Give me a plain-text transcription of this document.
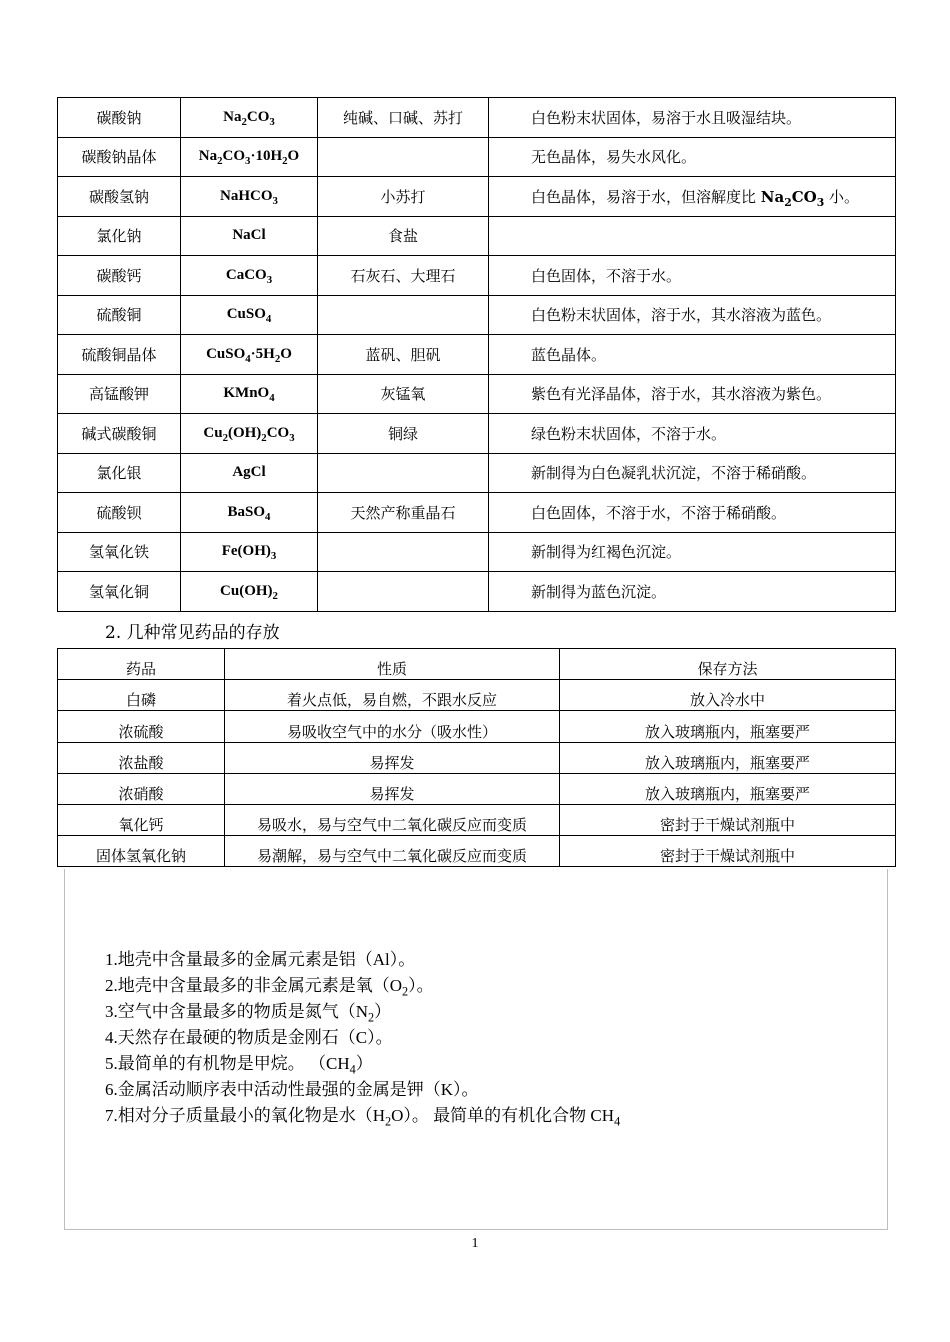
碳酸钠	$Na_2CO_3$	纯碱、口碱、苏打	白色粉末状固体，易溶于水且吸湿结块。
碳酸钠晶体	$Na_2CO_3\cdot 10H_2O$		无色晶体，易失水风化。
碳酸氢钠	NaHCO$_3$	小苏打	白色晶体，易溶于水，但溶解度比 $Na_2CO_3$ 小。
氯化钠	NaCl	食盐	
碳酸钙	CaCO$_3$	石灰石、大理石	白色固体，不溶于水。
硫酸铜	CuSO$_4$		白色粉末状固体，溶于水，其水溶液为蓝色。
硫酸铜晶体	$CuSO_4\cdot 5H_2O$	蓝矾、胆矾	蓝色晶体。
高锰酸钾	KMnO$_4$	灰锰氧	紫色有光泽晶体，溶于水，其水溶液为紫色。
碱式碳酸铜	$Cu_2(OH)_2CO_3$	铜绿	绿色粉末状固体，不溶于水。
氯化银	AgCl		新制得为白色凝乳状沉淀，不溶于稀硝酸。
硫酸钡	BaSO$_4$	天然产称重晶石	白色固体，不溶于水，不溶于稀硝酸。
氢氧化铁	$Fe(OH)_3$		新制得为红褐色沉淀。
氢氧化铜	$Cu(OH)_2$		新制得为蓝色沉淀。
2. 几种常见药品的存放
药品	性质	保存方法
白磷	着火点低，易自燃，不跟水反应	放入冷水中
浓硫酸	易吸收空气中的水分（吸水性）	放入玻璃瓶内，瓶塞要严
浓盐酸	易挥发	放入玻璃瓶内，瓶塞要严
浓硝酸	易挥发	放入玻璃瓶内，瓶塞要严
氧化钙	易吸水，易与空气中二氧化碳反应而变质	密封于干燥试剂瓶中
固体氢氧化钠	易潮解，易与空气中二氧化碳反应而变质	密封于干燥试剂瓶中
1.地壳中含量最多的金属元素是铝（Al）。
2.地壳中含量最多的非金属元素是氧$(O_2)$。
3.空气中含量最多的物质是氮气$(N_2)$
4.天然存在最硬的物质是金刚石（C）。
5.最简单的有机物是甲烷。 $(CH_4)$
6.金属活动顺序表中活动性最强的金属是钾（K）。
7.相对分子质量最小的氧化物是水$(H_2O)$。 最简单的有机化合物 $CH_4$
1
